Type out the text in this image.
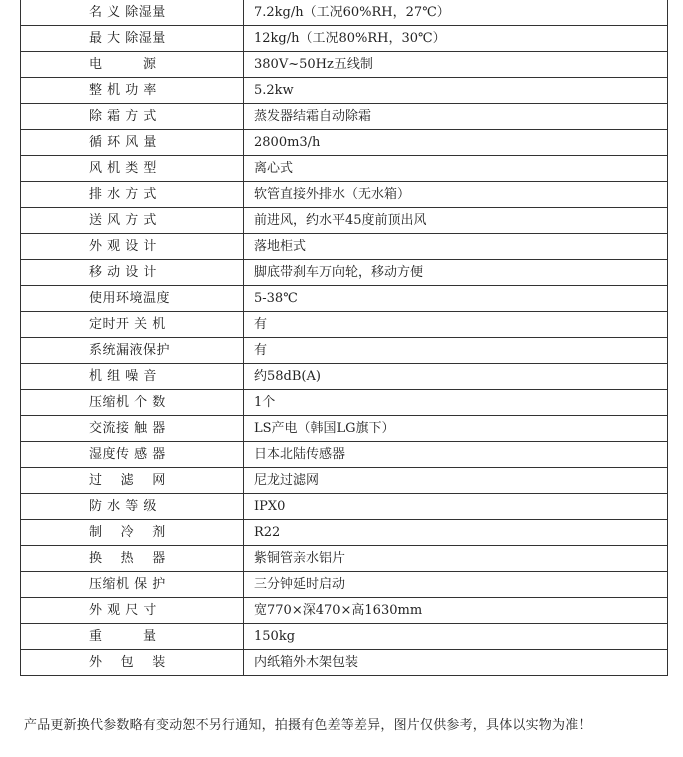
名 义 除湿量	7.2kg/h（工况60%RH，27℃）
最 大 除湿量	12kg/h（工况80%RH，30℃）
电　　　源	380V~50Hz五线制
整 机 功 率	5.2kw
除 霜 方 式	蒸发器结霜自动除霜
循 环 风 量	2800m3/h
风 机 类 型	离心式
排 水 方 式	软管直接外排水（无水箱）
送 风 方 式	前进风，约水平45度前顶出风
外 观 设 计	落地柜式
移 动 设 计	脚底带刹车万向轮，移动方便
使用环境温度	5-38℃
定时开 关 机	有
系统漏液保护	有
机 组 噪 音	约58dB(A)
压缩机 个 数	1个
交流接 触 器	LS产电（韩国LG旗下）
湿度传 感 器	日本北陆传感器
过　 滤　 网	尼龙过滤网
防 水 等 级	IPX0
制　 冷　 剂	R22
换　 热　 器	紫铜管亲水铝片
压缩机 保 护	三分钟延时启动
外 观 尺 寸	宽770×深470×高1630mm
重　　　量	150kg
外　 包　 装	内纸箱外木架包装
产品更新换代参数略有变动恕不另行通知，拍摄有色差等差异，图片仅供参考，具体以实物为准！
